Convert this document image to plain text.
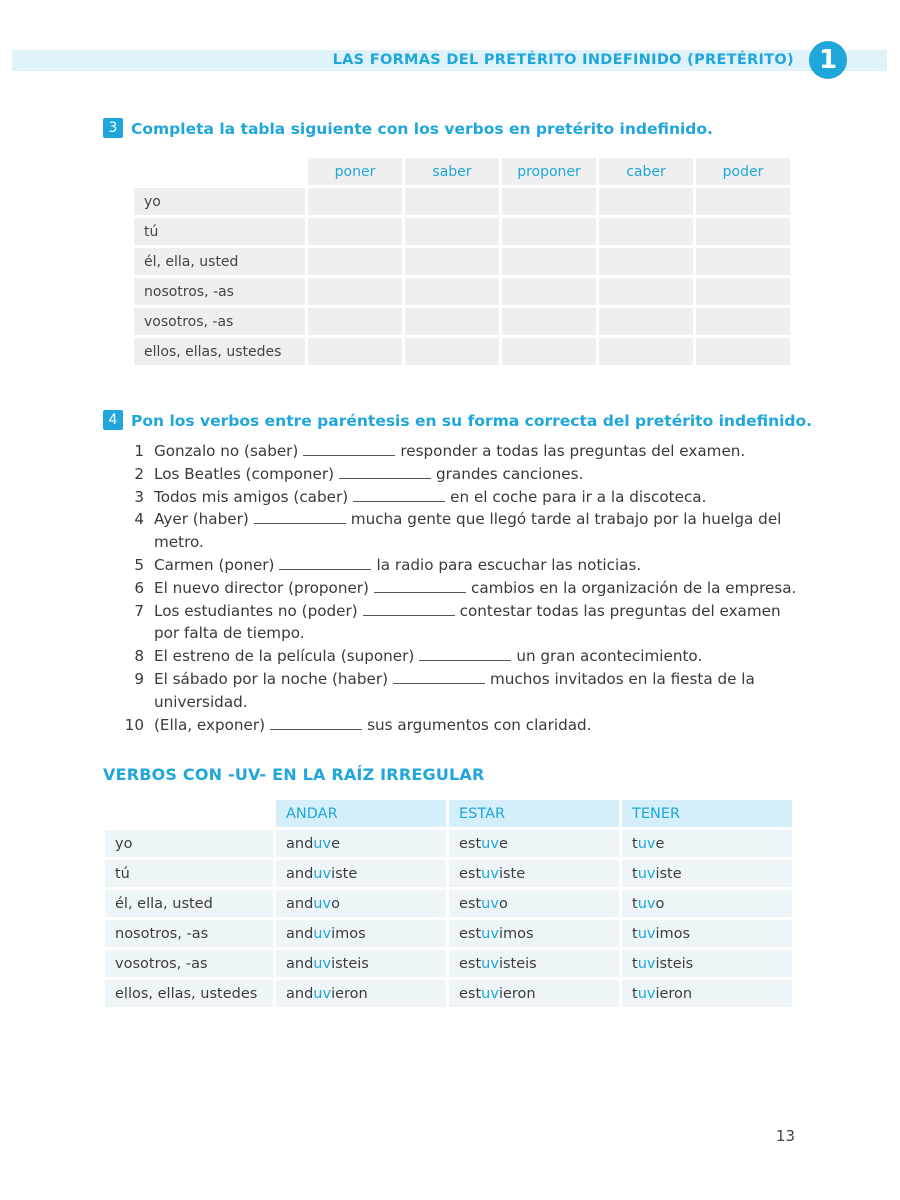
LAS FORMAS DEL PRETÉRITO INDEFINIDO (PRETÉRITO) 1
3 Completa la tabla siguiente con los verbos en pretérito indefinido.
	poner	saber	proponer	caber	poder
yo					
tú					
él, ella, usted					
nosotros, -as					
vosotros, -as					
ellos, ellas, ustedes					
4 Pon los verbos entre paréntesis en su forma correcta del pretérito indefinido.
1 Gonzalo no (saber)	responder a todas las preguntas del examen.
2 Los Beatles (componer)	grandes canciones.
3 Todos mis amigos (caber)	en el coche para ir a la discoteca.
4 Ayer (haber)	mucha gente que llegó tarde al trabajo por la huelga del metro.
5 Carmen (poner)	la radio para escuchar las noticias.
6 El nuevo director (proponer)	cambios en la organización de la empresa.
7 Los estudiantes no (poder)	contestar todas las preguntas del examen por falta de tiempo.
8 El estreno de la película (suponer)	un gran acontecimiento.
9 El sábado por la noche (haber)	muchos invitados en la fiesta de la universidad.
10 (Ella, exponer)	sus argumentos con claridad.
VERBOS CON -UV- EN LA RAÍZ IRREGULAR
	ANDAR	ESTAR	TENER
yo	anduve	estuve	tuve
tú	anduviste	estuviste	tuviste
él, ella, usted	anduvo	estuvo	tuvo
nosotros, -as	anduvimos	estuvimos	tuvimos
vosotros, -as	anduvisteis	estuvisteis	tuvisteis
ellos, ellas, ustedes	anduvieron	estuvieron	tuvieron
13
